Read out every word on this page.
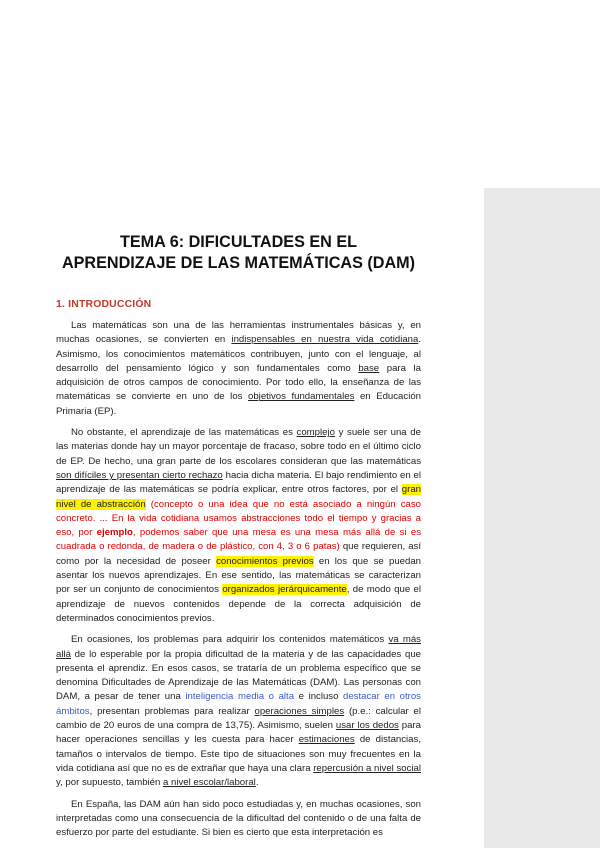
TEMA 6: DIFICULTADES EN EL
APRENDIZAJE DE LAS MATEMÁTICAS (DAM)
1. INTRODUCCIÓN

Las matemáticas son una de las herramientas instrumentales básicas y, en muchas ocasiones, se convierten en indispensables en nuestra vida cotidiana. Asimismo, los conocimientos matemáticos contribuyen, junto con el lenguaje, al desarrollo del pensamiento lógico y son fundamentales como base para la adquisición de otros campos de conocimiento. Por todo ello, la enseñanza de las matemáticas se convierte en uno de los objetivos fundamentales en Educación Primaria (EP).

No obstante, el aprendizaje de las matemáticas es complejo y suele ser una de las materias donde hay un mayor porcentaje de fracaso, sobre todo en el último ciclo de EP. De hecho, una gran parte de los escolares consideran que las matemáticas son difíciles y presentan cierto rechazo hacia dicha materia. El bajo rendimiento en el aprendizaje de las matemáticas se podría explicar, entre otros factores, por el gran nivel de abstracción (concepto o una idea que no está asociado a ningún caso concreto. ... En la vida cotidiana usamos abstracciones todo el tiempo y gracias a eso, por ejemplo, podemos saber que una mesa es una mesa más allá de si es cuadrada o redonda, de madera o de plástico, con 4, 3 o 6 patas) que requieren, así como por la necesidad de poseer conocimientos previos en los que se puedan asentar los nuevos aprendizajes. En ese sentido, las matemáticas se caracterizan por ser un conjunto de conocimientos organizados jerárquicamente, de modo que el aprendizaje de nuevos contenidos depende de la correcta adquisición de determinados conocimientos previos.

En ocasiones, los problemas para adquirir los contenidos matemáticos va más allá de lo esperable por la propia dificultad de la materia y de las capacidades que presenta el aprendiz. En esos casos, se trataría de un problema específico que se denomina Dificultades de Aprendizaje de las Matemáticas (DAM). Las personas con DAM, a pesar de tener una inteligencia media o alta e incluso destacar en otros ámbitos, presentan problemas para realizar operaciones simples (p.e.: calcular el cambio de 20 euros de una compra de 13,75). Asimismo, suelen usar los dedos para hacer operaciones sencillas y les cuesta para hacer estimaciones de distancias, tamaños o intervalos de tiempo. Este tipo de situaciones son muy frecuentes en la vida cotidiana así que no es de extrañar que haya una clara repercusión a nivel social y, por supuesto, también a nivel escolar/laboral.

En España, las DAM aún han sido poco estudiadas y, en muchas ocasiones, son interpretadas como una consecuencia de la dificultad del contenido o de una falta de esfuerzo por parte del estudiante. Si bien es cierto que esta interpretación es
